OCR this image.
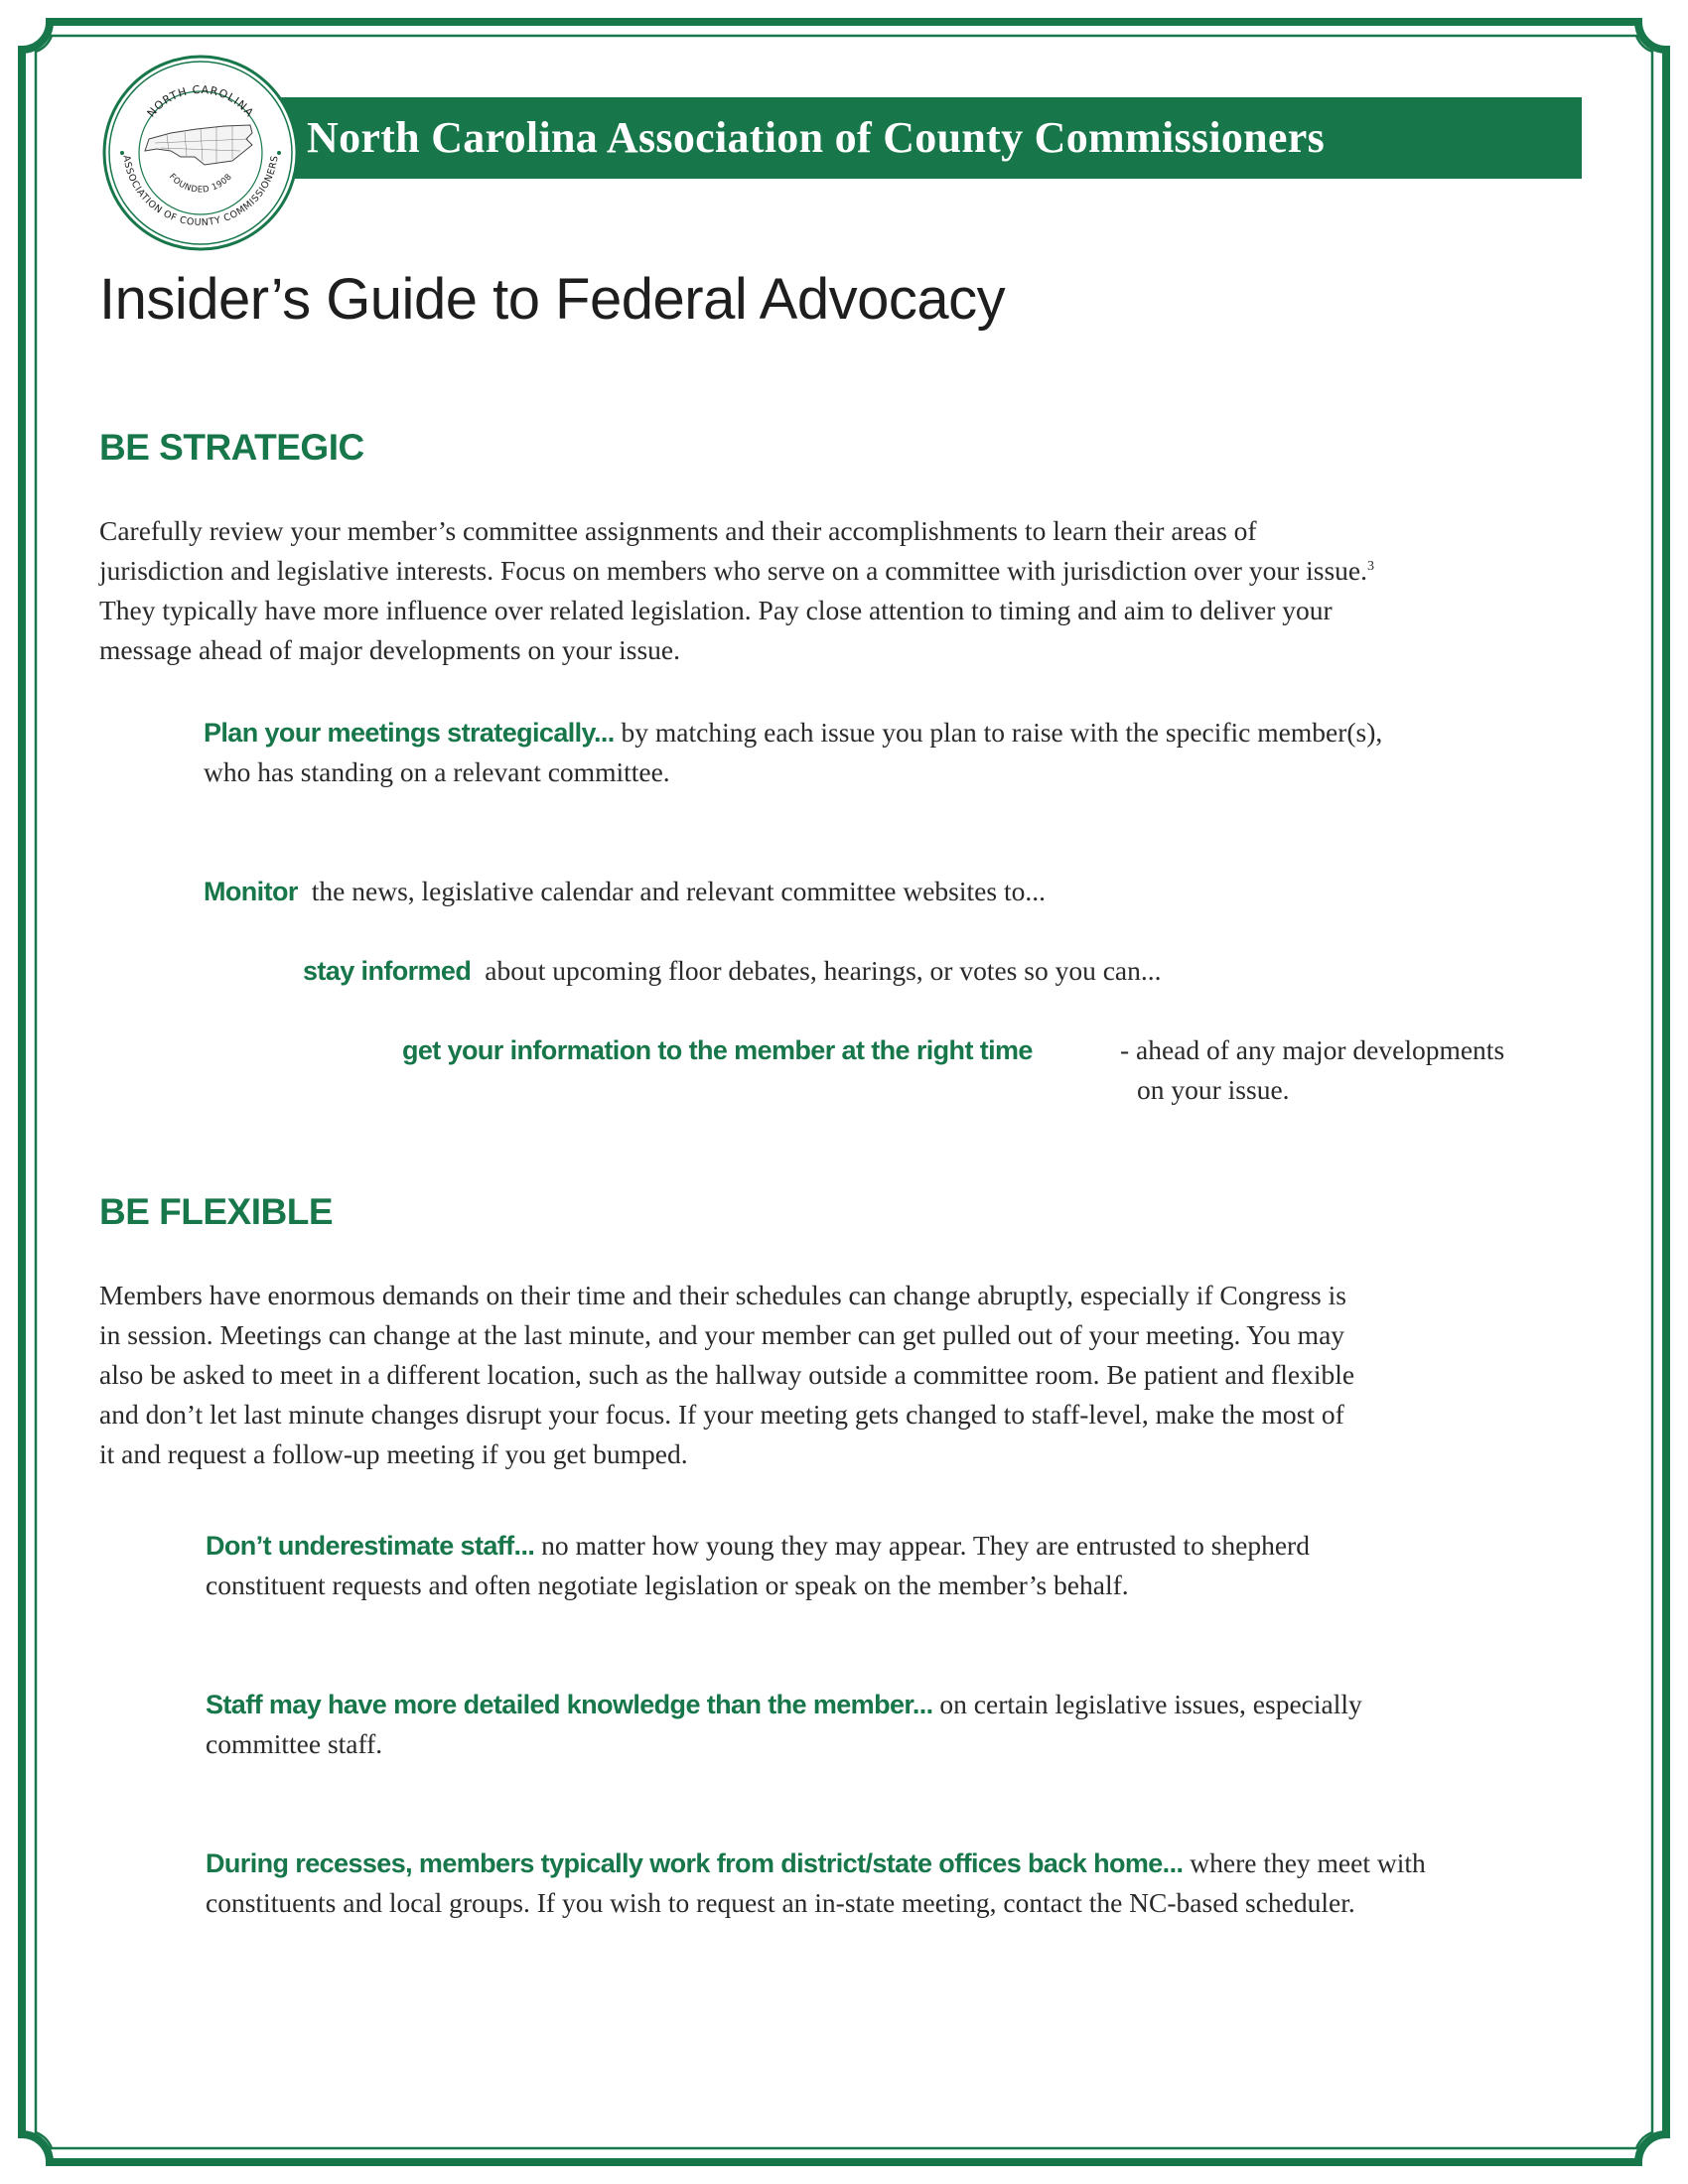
North Carolina Association of County Commissioners
NORTH CAROLINA
ASSOCIATION OF COUNTY COMMISSIONERS
FOUNDED 1908
Insider’s Guide to Federal Advocacy
BE STRATEGIC
Carefully review your member’s committee assignments and their accomplishments to learn their areas of
jurisdiction and legislative interests. Focus on members who serve on a committee with jurisdiction over your issue.$^3$
They typically have more influence over related legislation. Pay close attention to timing and aim to deliver your
message ahead of major developments on your issue.
Plan your meetings strategically... by matching each issue you plan to raise with the specific member(s),
who has standing on a relevant committee.
Monitor the news, legislative calendar and relevant committee websites to...
stay informed about upcoming floor debates, hearings, or votes so you can...
get your information to the member at the right time	- ahead of any major developments
on your issue.
BE FLEXIBLE
Members have enormous demands on their time and their schedules can change abruptly, especially if Congress is
in session. Meetings can change at the last minute, and your member can get pulled out of your meeting. You may
also be asked to meet in a different location, such as the hallway outside a committee room. Be patient and flexible
and don’t let last minute changes disrupt your focus. If your meeting gets changed to staff-level, make the most of
it and request a follow-up meeting if you get bumped.
Don’t underestimate staff... no matter how young they may appear. They are entrusted to shepherd
constituent requests and often negotiate legislation or speak on the member’s behalf.
Staff may have more detailed knowledge than the member... on certain legislative issues, especially
committee staff.
During recesses, members typically work from district/state offices back home... where they meet with
constituents and local groups. If you wish to request an in-state meeting, contact the NC-based scheduler.
